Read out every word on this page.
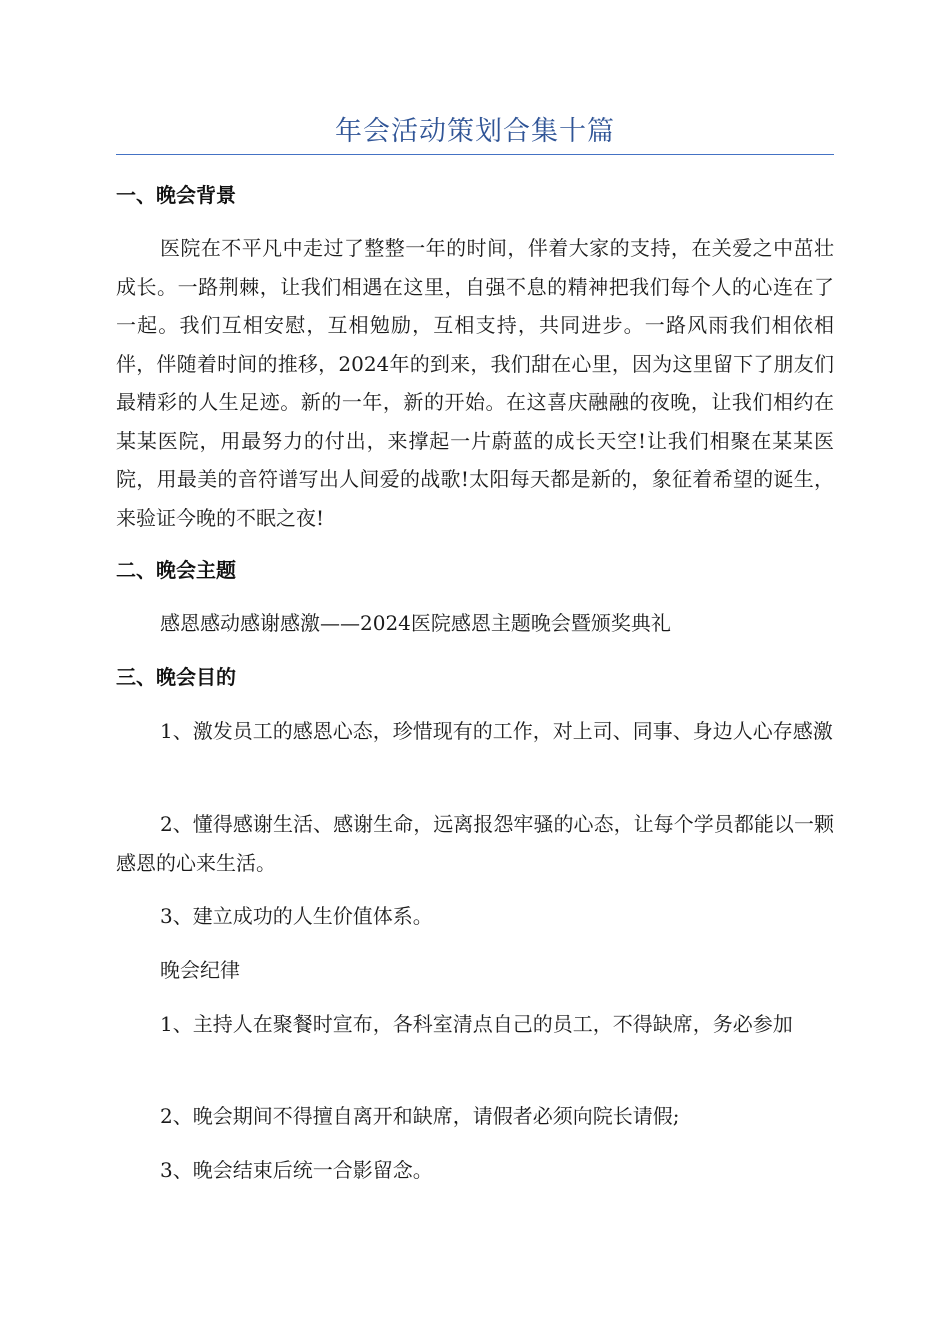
年会活动策划合集十篇
一、晚会背景
医院在不平凡中走过了整整一年的时间，伴着大家的支持，在关爱之中茁壮成长。一路荆棘，让我们相遇在这里，自强不息的精神把我们每个人的心连在了一起。我们互相安慰，互相勉励，互相支持，共同进步。一路风雨我们相依相伴，伴随着时间的推移，2024年的到来，我们甜在心里，因为这里留下了朋友们最精彩的人生足迹。新的一年，新的开始。在这喜庆融融的夜晚，让我们相约在某某医院，用最努力的付出，来撑起一片蔚蓝的成长天空!让我们相聚在某某医院，用最美的音符谱写出人间爱的战歌!太阳每天都是新的，象征着希望的诞生，来验证今晚的不眠之夜!
二、晚会主题
感恩感动感谢感激——2024医院感恩主题晚会暨颁奖典礼
三、晚会目的
1、激发员工的感恩心态，珍惜现有的工作，对上司、同事、身边人心存感激
2、懂得感谢生活、感谢生命，远离报怨牢骚的心态，让每个学员都能以一颗感恩的心来生活。
3、建立成功的人生价值体系。
晚会纪律
1、主持人在聚餐时宣布，各科室清点自己的员工，不得缺席，务必参加
2、晚会期间不得擅自离开和缺席，请假者必须向院长请假;
3、晚会结束后统一合影留念。
